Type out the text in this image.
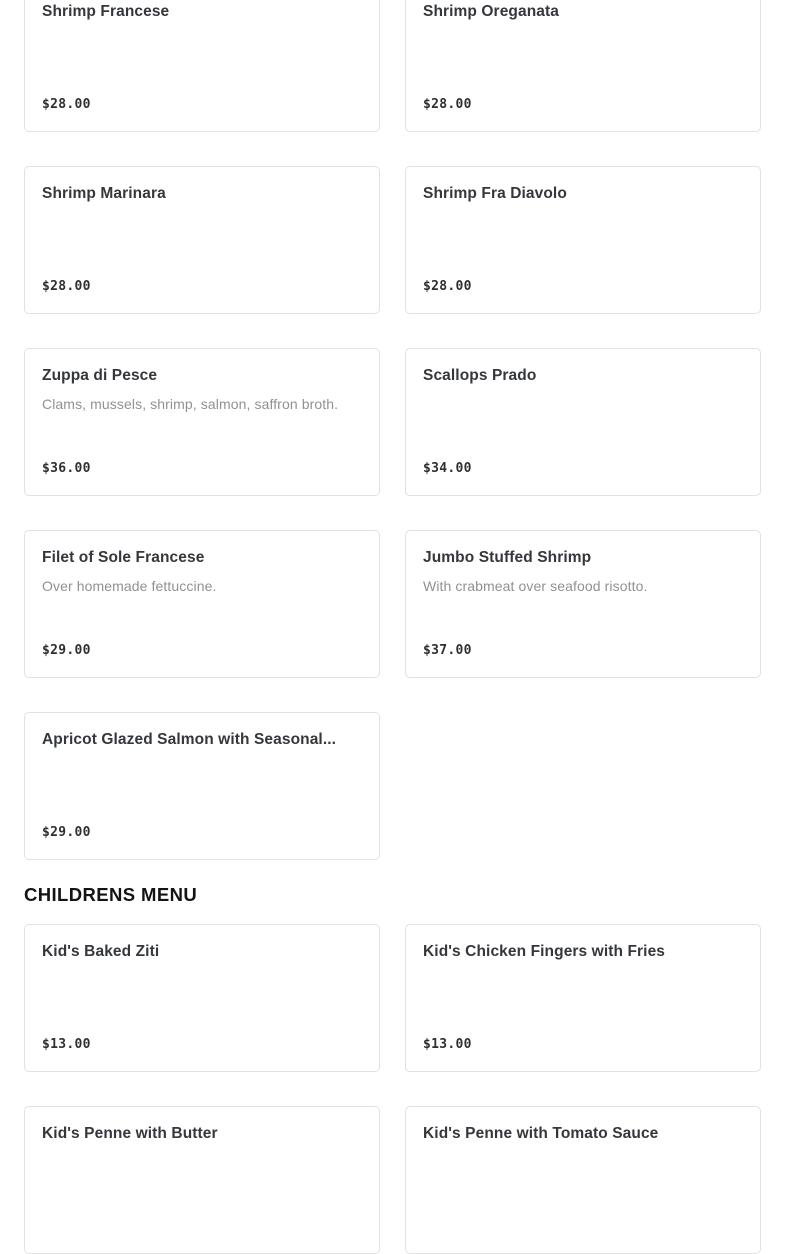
Shrimp Francese
$28.00
Shrimp Oreganata
$28.00
Shrimp Marinara
$28.00
Shrimp Fra Diavolo
$28.00
Zuppa di Pesce
Clams, mussels, shrimp, salmon, saffron broth.
$36.00
Scallops Prado
$34.00
Filet of Sole Francese
Over homemade fettuccine.
$29.00
Jumbo Stuffed Shrimp
With crabmeat over seafood risotto.
$37.00
Apricot Glazed Salmon with Seasonal...
$29.00
CHILDRENS MENU
Kid's Baked Ziti
$13.00
Kid's Chicken Fingers with Fries
$13.00
Kid's Penne with Butter	Kid's Penne with Tomato Sauce
